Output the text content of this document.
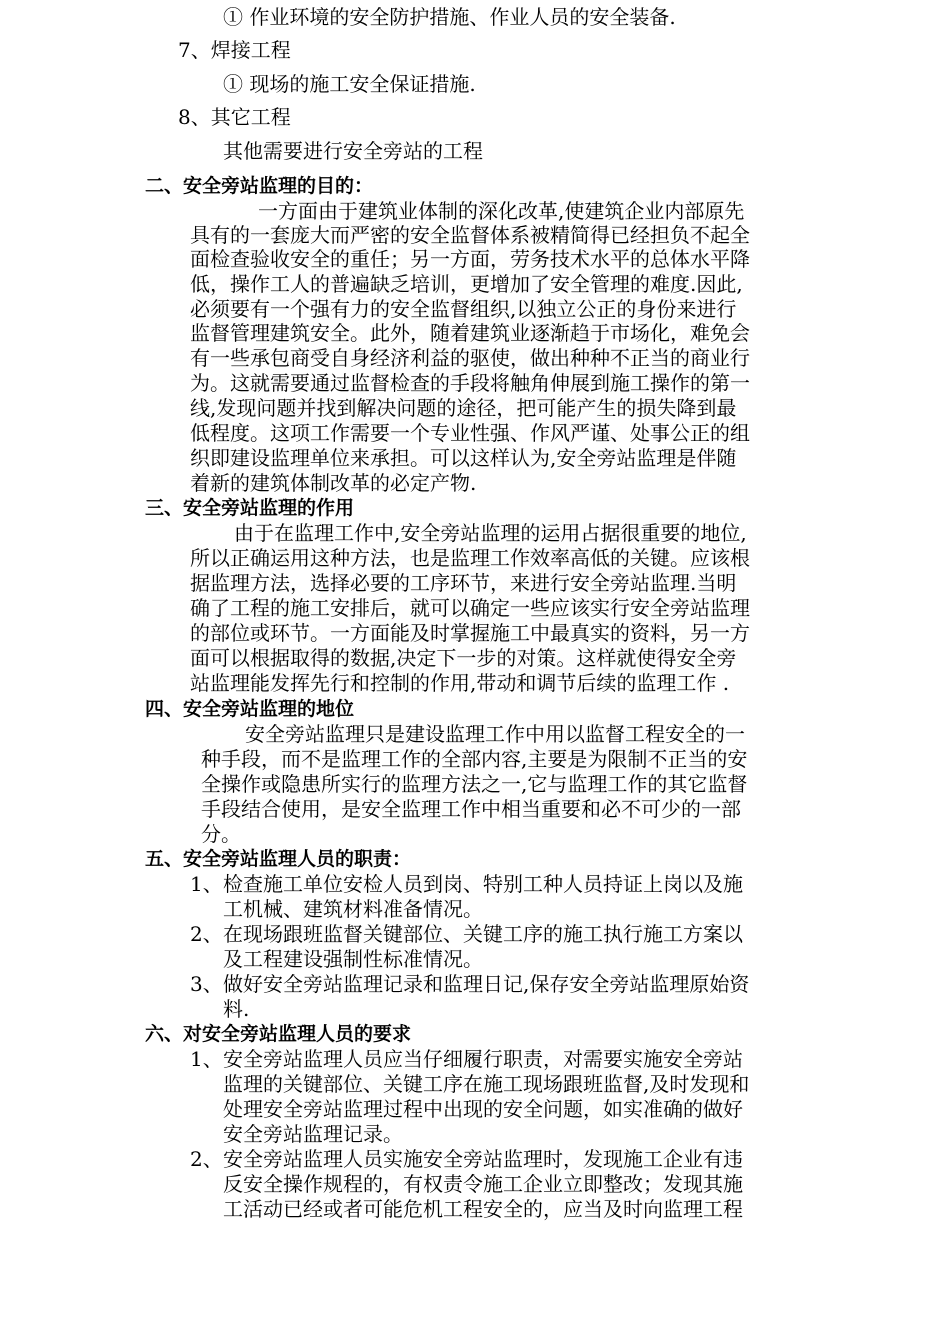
① 作业环境的安全防护措施、作业人员的安全装备.
7、焊接工程
① 现场的施工安全保证措施.
8、其它工程
其他需要进行安全旁站的工程
二、安全旁站监理的目的：
一方面由于建筑业体制的深化改革,使建筑企业内部原先
具有的一套庞大而严密的安全监督体系被精简得已经担负不起全
面检查验收安全的重任；另一方面，劳务技术水平的总体水平降
低，操作工人的普遍缺乏培训，更增加了安全管理的难度.因此,
必须要有一个强有力的安全监督组织,以独立公正的身份来进行
监督管理建筑安全。此外，随着建筑业逐渐趋于市场化，难免会
有一些承包商受自身经济利益的驱使，做出种种不正当的商业行
为。这就需要通过监督检查的手段将触角伸展到施工操作的第一
线,发现问题并找到解决问题的途径，把可能产生的损失降到最
低程度。这项工作需要一个专业性强、作风严谨、处事公正的组
织即建设监理单位来承担。可以这样认为,安全旁站监理是伴随
着新的建筑体制改革的必定产物.
三、安全旁站监理的作用
由于在监理工作中,安全旁站监理的运用占据很重要的地位,
所以正确运用这种方法，也是监理工作效率高低的关键。应该根
据监理方法，选择必要的工序环节，来进行安全旁站监理.当明
确了工程的施工安排后，就可以确定一些应该实行安全旁站监理
的部位或环节。一方面能及时掌握施工中最真实的资料，另一方
面可以根据取得的数据,决定下一步的对策。这样就使得安全旁
站监理能发挥先行和控制的作用,带动和调节后续的监理工作 .
四、安全旁站监理的地位
安全旁站监理只是建设监理工作中用以监督工程安全的一
种手段，而不是监理工作的全部内容,主要是为限制不正当的安
全操作或隐患所实行的监理方法之一,它与监理工作的其它监督
手段结合使用，是安全监理工作中相当重要和必不可少的一部
分。
五、安全旁站监理人员的职责：
1、 检查施工单位安检人员到岗、特别工种人员持证上岗以及施
工机械、建筑材料准备情况。
2、 在现场跟班监督关键部位、关键工序的施工执行施工方案以
及工程建设强制性标准情况。
3、 做好安全旁站监理记录和监理日记,保存安全旁站监理原始资
料.
六、对安全旁站监理人员的要求
1、 安全旁站监理人员应当仔细履行职责，对需要实施安全旁站
监理的关键部位、关键工序在施工现场跟班监督,及时发现和
处理安全旁站监理过程中出现的安全问题，如实准确的做好
安全旁站监理记录。
2、 安全旁站监理人员实施安全旁站监理时，发现施工企业有违
反安全操作规程的，有权责令施工企业立即整改；发现其施
工活动已经或者可能危机工程安全的，应当及时向监理工程
